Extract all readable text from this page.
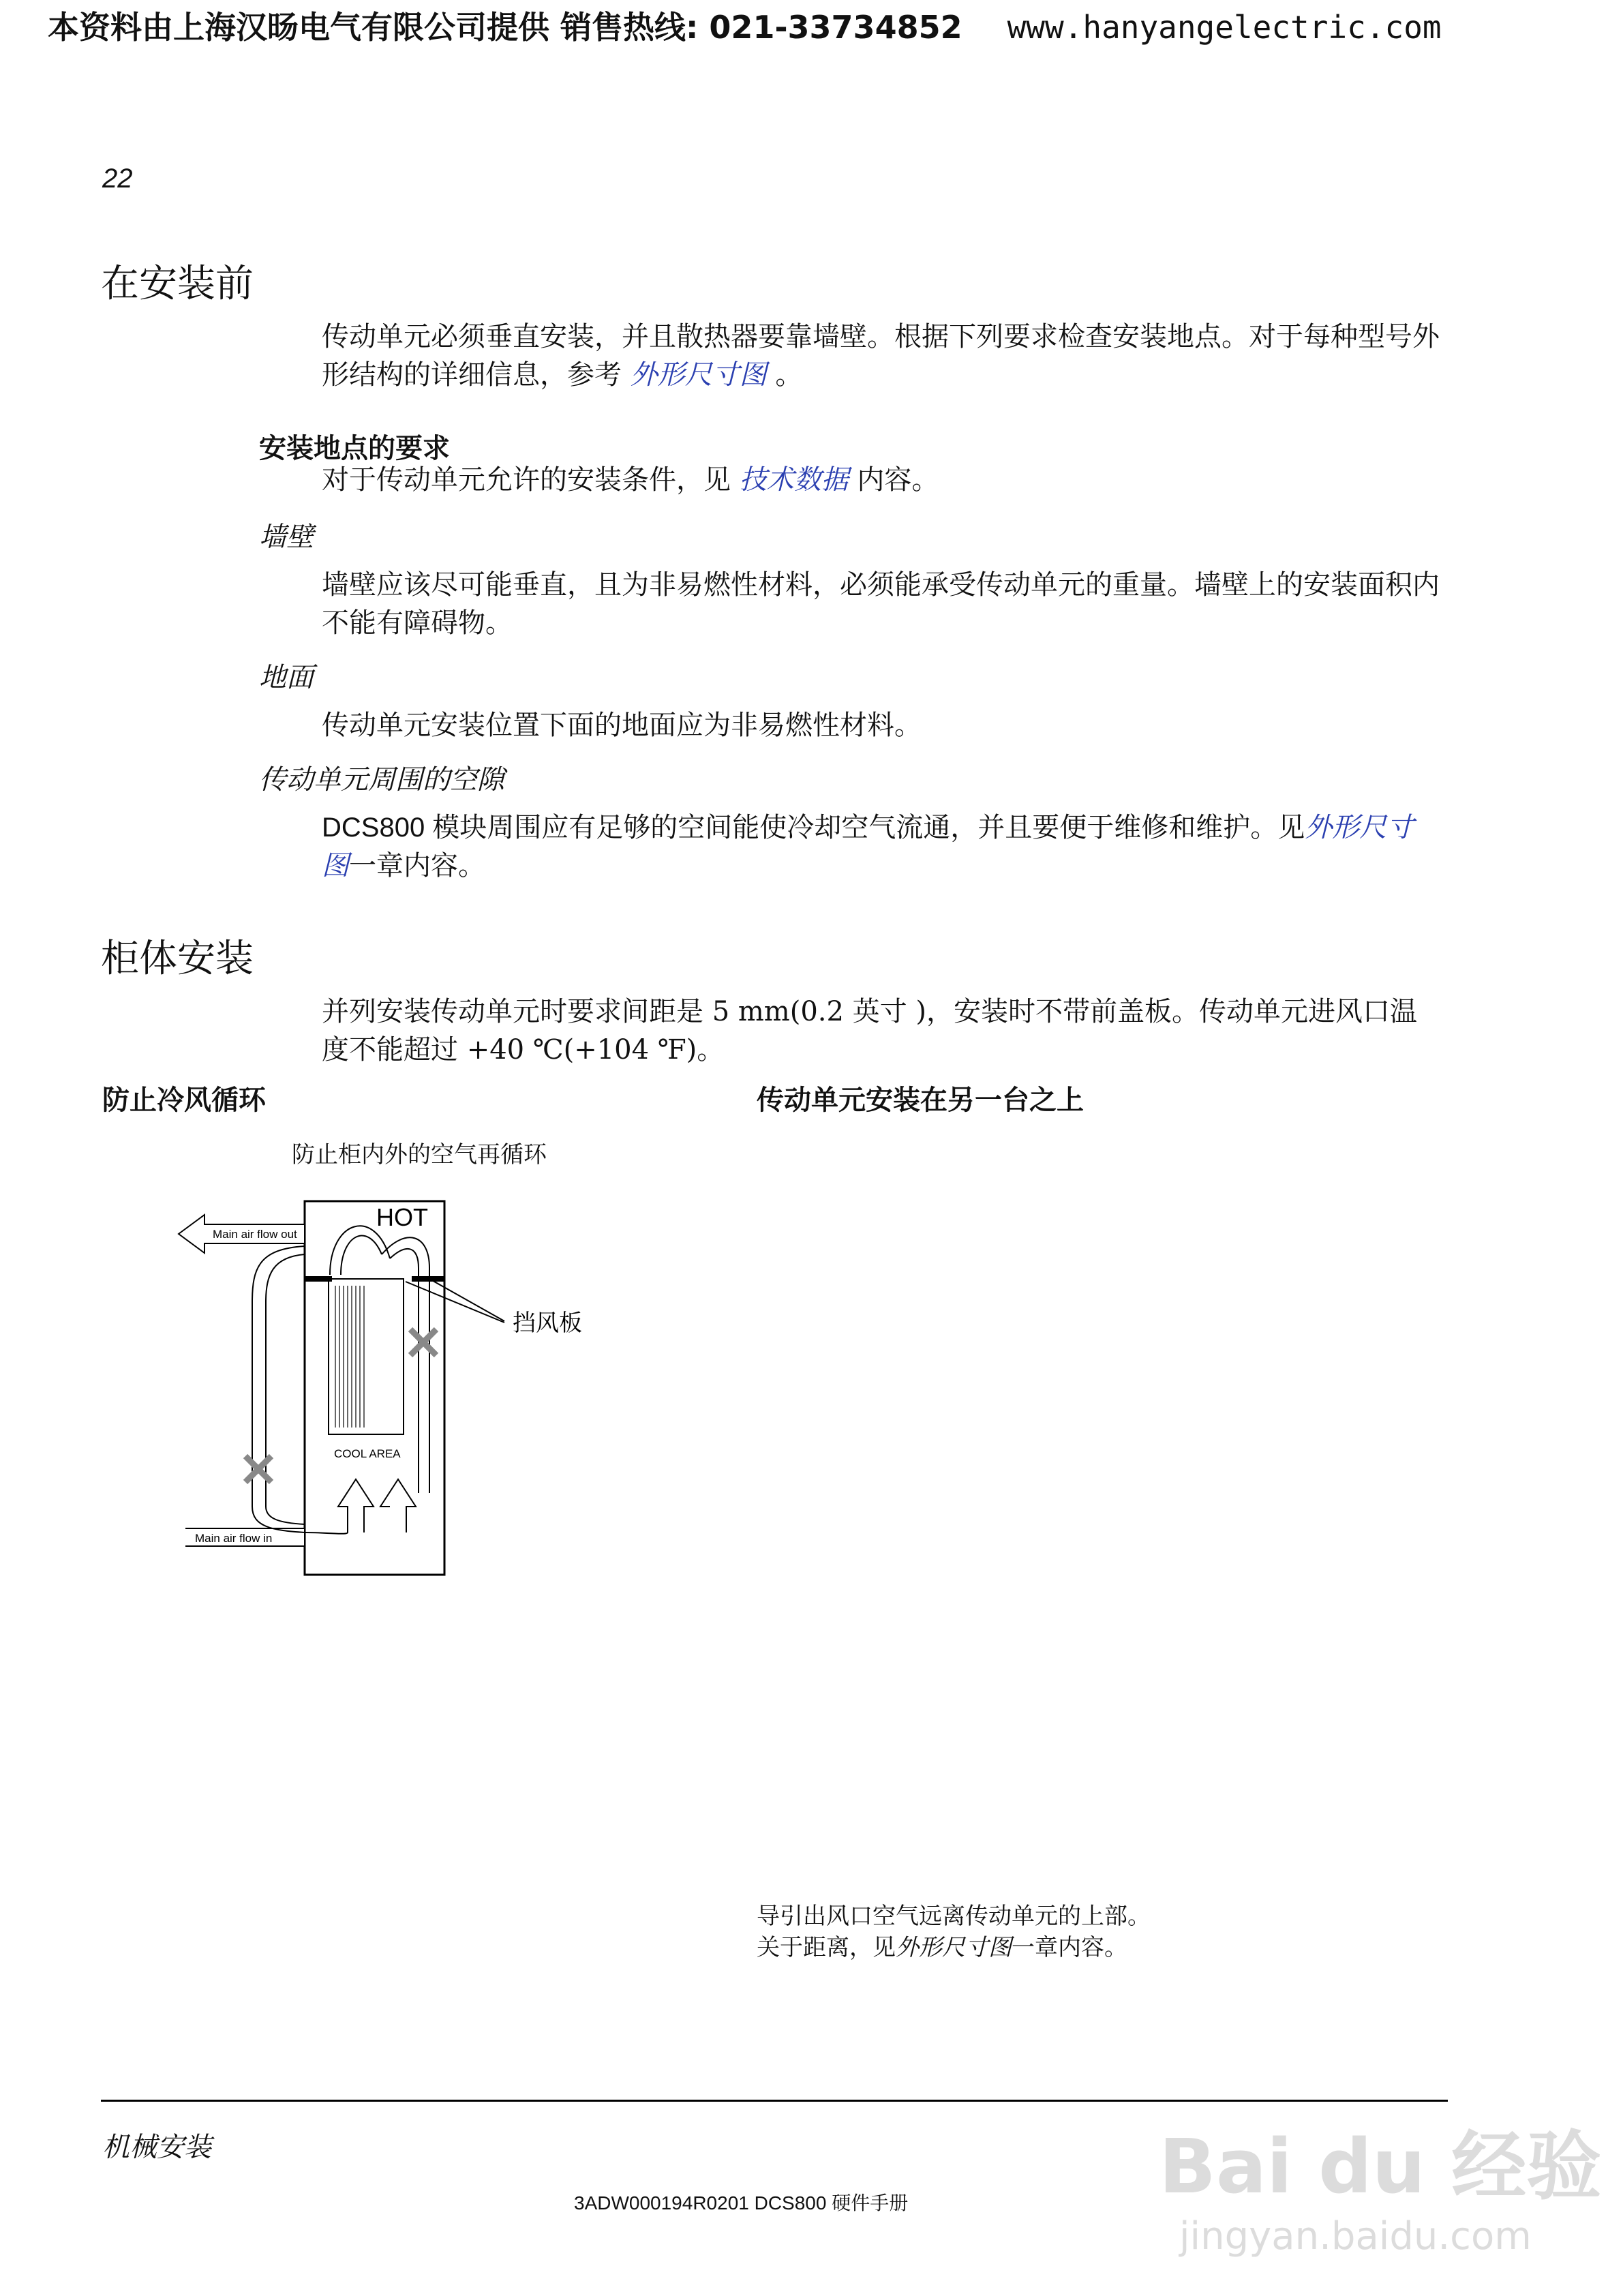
本资料由上海汉旸电气有限公司提供 销售热线: 021-33734852 www.hanyangelectric.com
22
在安装前
传动单元必须垂直安装，并且散热器要靠墙壁。根据下列要求检查安装地点。对于每种型号外形结构的详细信息，参考 外形尺寸图 。
安装地点的要求
对于传动单元允许的安装条件，见 技术数据 内容。
墙壁
墙壁应该尽可能垂直，且为非易燃性材料，必须能承受传动单元的重量。墙壁上的安装面积内不能有障碍物。
地面
传动单元安装位置下面的地面应为非易燃性材料。
传动单元周围的空隙
DCS800 模块周围应有足够的空间能使冷却空气流通，并且要便于维修和维护。见外形尺寸图一章内容。
柜体安装
并列安装传动单元时要求间距是 5 mm(0.2 英寸 )，安装时不带前盖板。传动单元进风口温度不能超过 +40 ℃(+104 ℉)。
防止冷风循环	传动单元安装在另一台之上
防止柜内外的空气再循环
Main air flow out
Main air flow in
HOT
挡风板
COOL AREA
导引出风口空气远离传动单元的上部。
关于距离，见外形尺寸图一章内容。
机械安装
3ADW000194R0201 DCS800 硬件手册	Bai du 经验
jingyan.baidu.com
